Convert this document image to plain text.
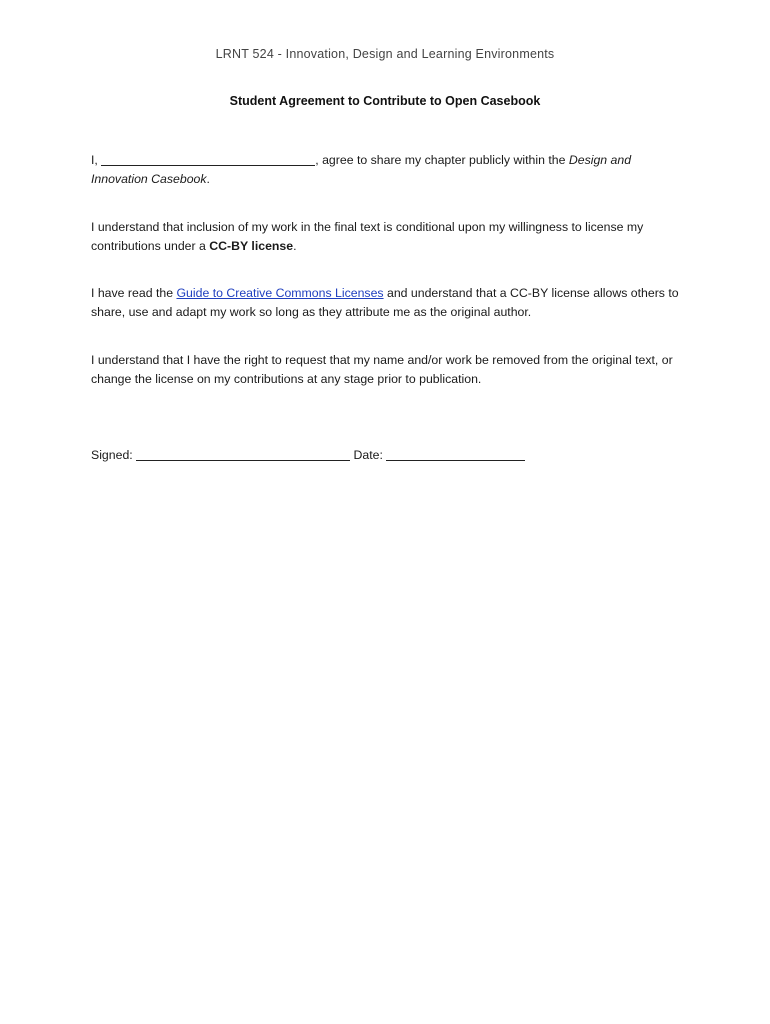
LRNT 524 - Innovation, Design and Learning Environments
Student Agreement to Contribute to Open Casebook
I,	, agree to share my chapter publicly within the Design and Innovation Casebook.
I understand that inclusion of my work in the final text is conditional upon my willingness to license my contributions under a CC-BY license.
I have read the Guide to Creative Commons Licenses and understand that a CC-BY license allows others to share, use and adapt my work so long as they attribute me as the original author.
I understand that I have the right to request that my name and/or work be removed from the original text, or change the license on my contributions at any stage prior to publication.
Signed:	Date:
